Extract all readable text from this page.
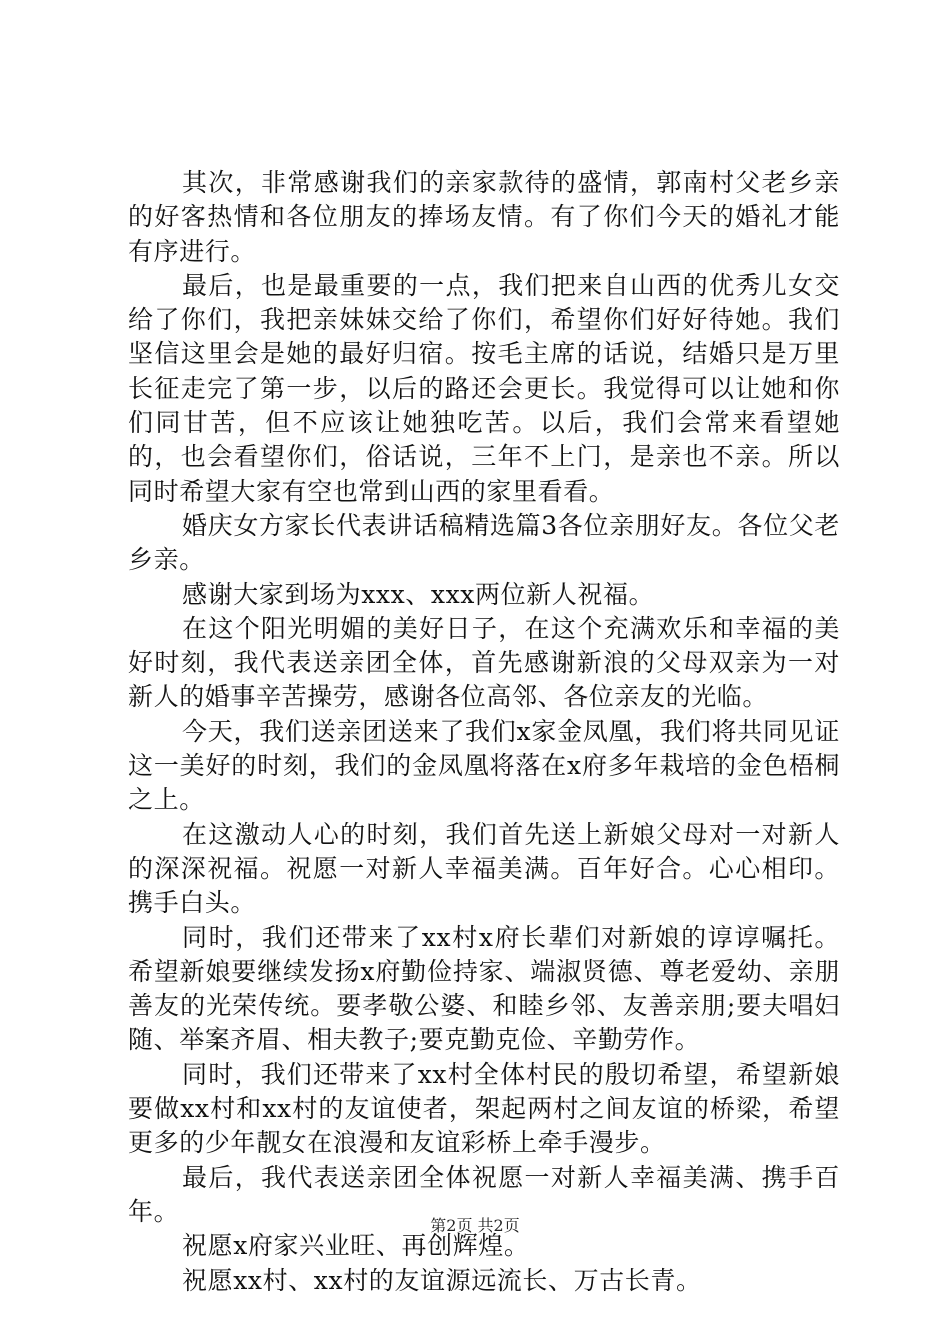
其次，非常感谢我们的亲家款待的盛情，郭南村父老乡亲的好客热情和各位朋友的捧场友情。有了你们今天的婚礼才能有序进行。

最后，也是最重要的一点，我们把来自山西的优秀儿女交给了你们，我把亲妹妹交给了你们，希望你们好好待她。我们坚信这里会是她的最好归宿。按毛主席的话说，结婚只是万里长征走完了第一步，以后的路还会更长。我觉得可以让她和你们同甘苦，但不应该让她独吃苦。以后，我们会常来看望她的，也会看望你们，俗话说，三年不上门，是亲也不亲。所以同时希望大家有空也常到山西的家里看看。

婚庆女方家长代表讲话稿精选篇3各位亲朋好友。各位父老乡亲。

感谢大家到场为xxx、xxx两位新人祝福。

在这个阳光明媚的美好日子，在这个充满欢乐和幸福的美好时刻，我代表送亲团全体，首先感谢新浪的父母双亲为一对新人的婚事辛苦操劳，感谢各位高邻、各位亲友的光临。

今天，我们送亲团送来了我们x家金凤凰，我们将共同见证这一美好的时刻，我们的金凤凰将落在x府多年栽培的金色梧桐之上。

在这激动人心的时刻，我们首先送上新娘父母对一对新人的深深祝福。祝愿一对新人幸福美满。百年好合。心心相印。携手白头。

同时，我们还带来了xx村x府长辈们对新娘的谆谆嘱托。希望新娘要继续发扬x府勤俭持家、端淑贤德、尊老爱幼、亲朋善友的光荣传统。要孝敬公婆、和睦乡邻、友善亲朋;要夫唱妇随、举案齐眉、相夫教子;要克勤克俭、辛勤劳作。

同时，我们还带来了xx村全体村民的殷切希望，希望新娘要做xx村和xx村的友谊使者，架起两村之间友谊的桥梁，希望更多的少年靓女在浪漫和友谊彩桥上牵手漫步。

最后，我代表送亲团全体祝愿一对新人幸福美满、携手百年。

祝愿x府家兴业旺、再创辉煌。

祝愿xx村、xx村的友谊源远流长、万古长青。

第2页 共2页
